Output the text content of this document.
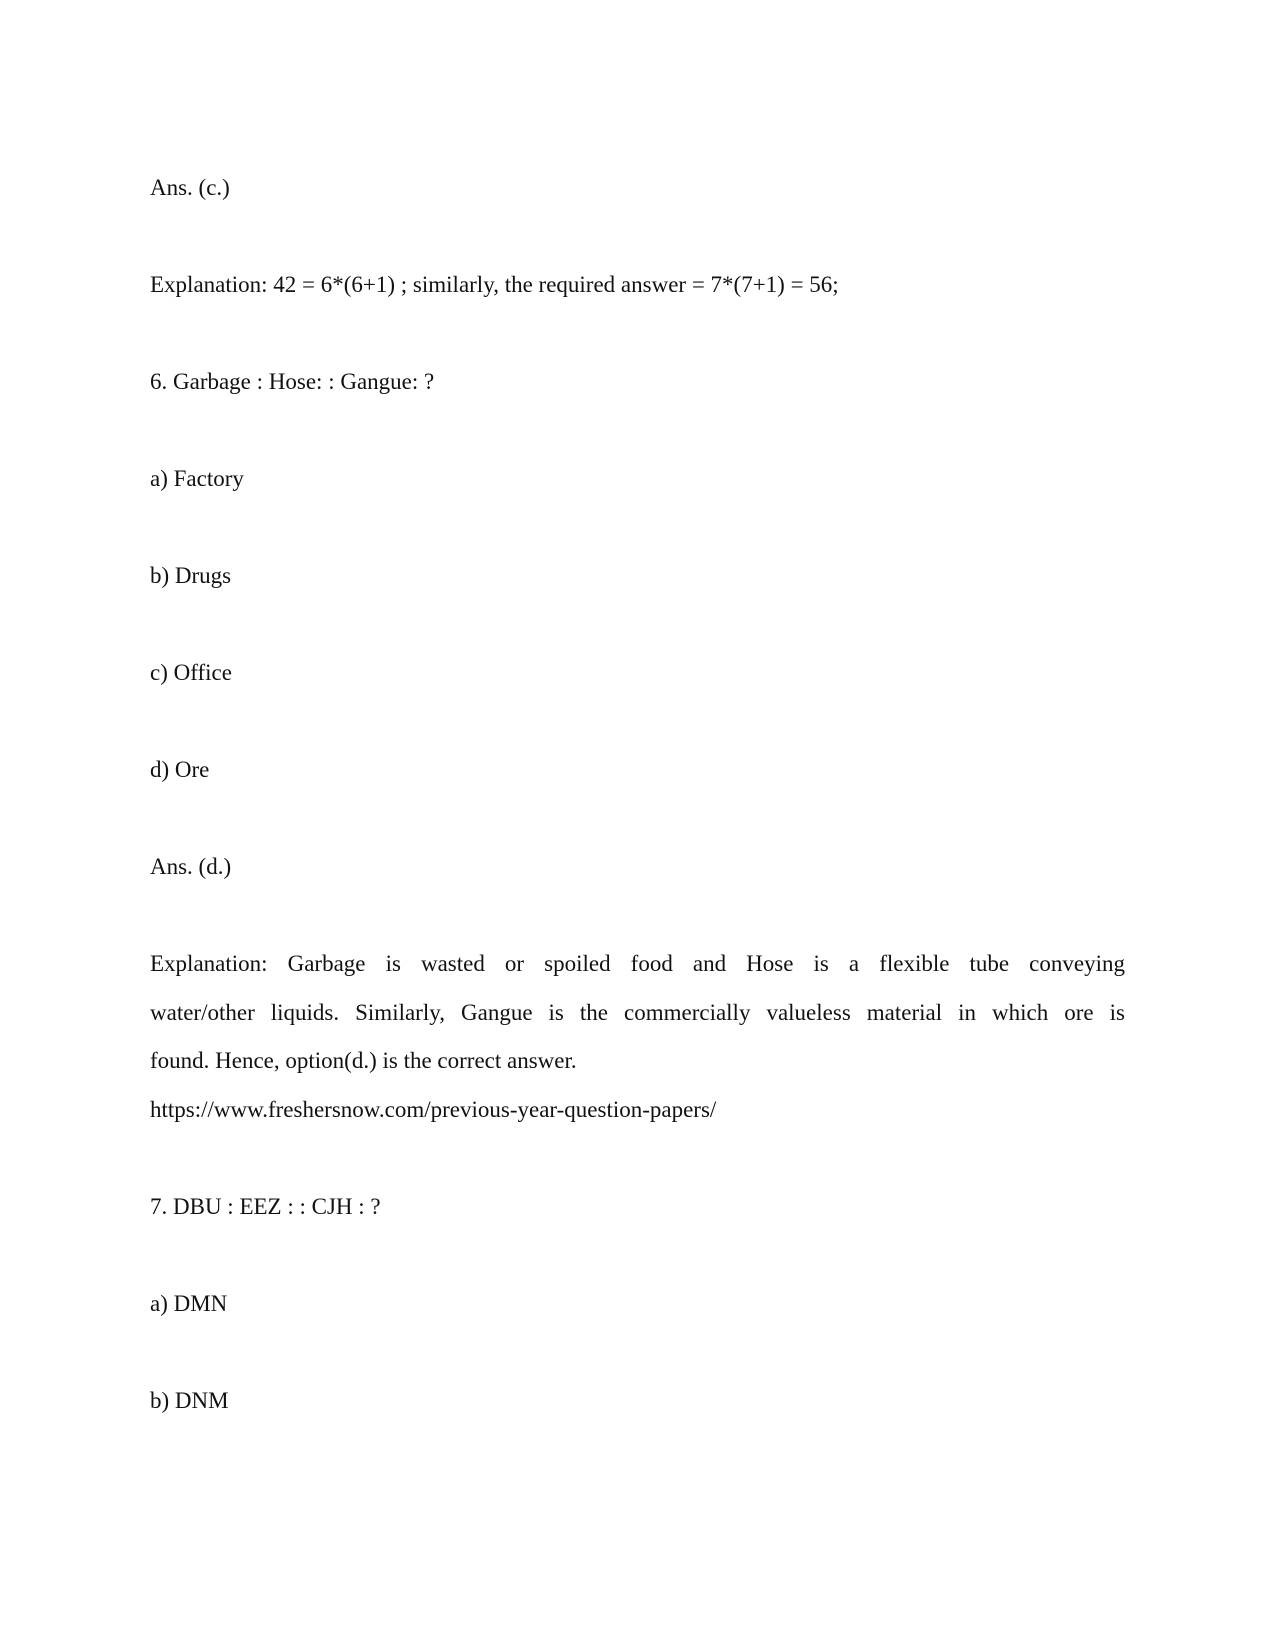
Ans. (c.)
Explanation: 42 = 6*(6+1) ; similarly, the required answer = 7*(7+1) = 56;
6. Garbage : Hose: : Gangue: ?
a) Factory
b) Drugs
c) Office
d) Ore
Ans. (d.)
Explanation: Garbage is wasted or spoiled food and Hose is a flexible tube conveying
water/other liquids. Similarly, Gangue is the commercially valueless material in which ore is
found. Hence, option(d.) is the correct answer.
https://www.freshersnow.com/previous-year-question-papers/
7. DBU : EEZ : : CJH : ?
a) DMN
b) DNM
